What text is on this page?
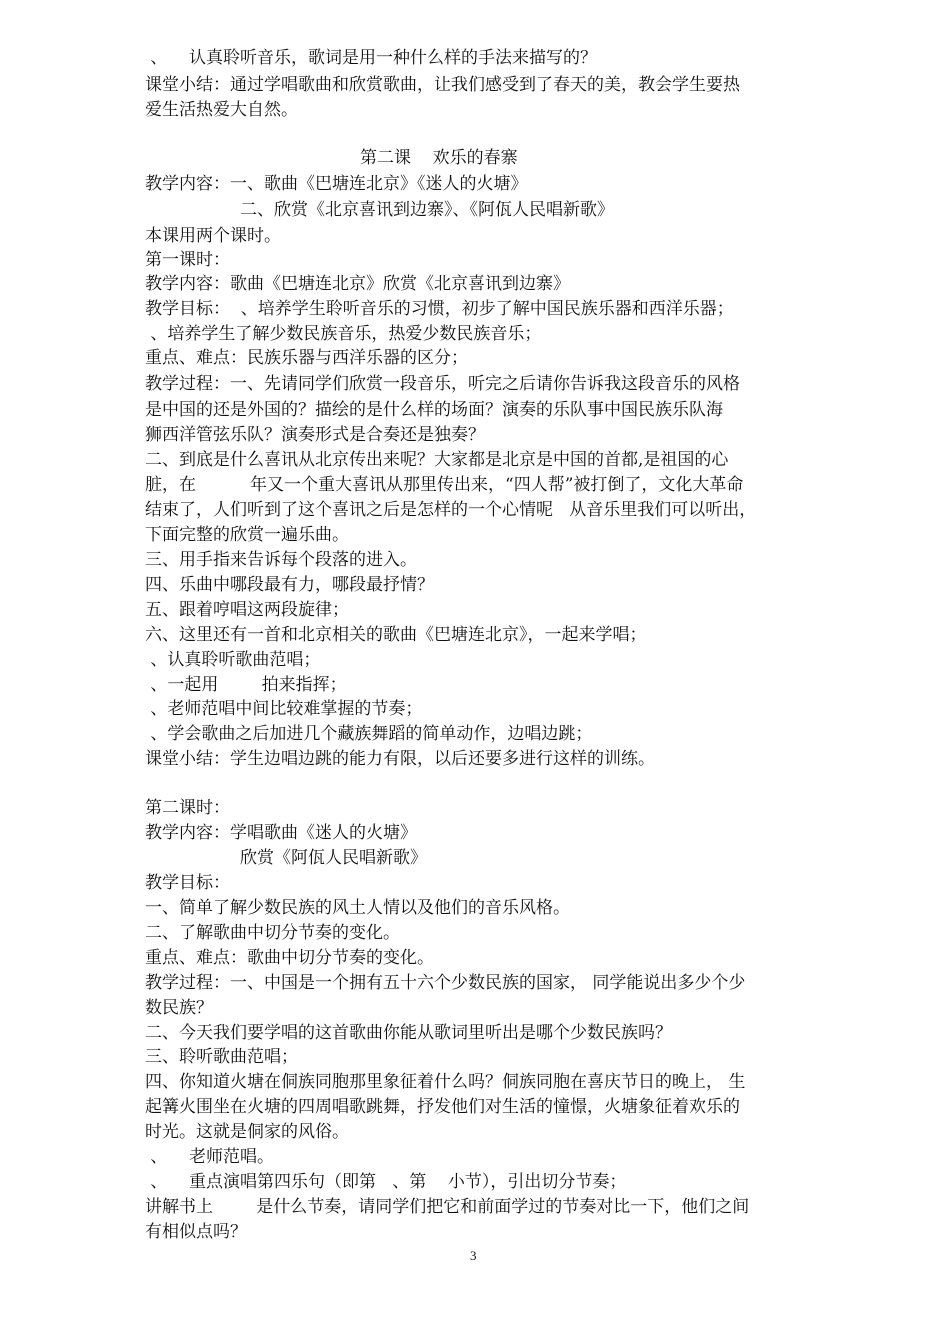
、    认真聆听音乐，歌词是用一种什么样的手法来描写的？
课堂小结：通过学唱歌曲和欣赏歌曲，让我们感受到了春天的美，教会学生要热
爱生活热爱大自然。
第二课    欢乐的春寨
教学内容：一、歌曲《巴塘连北京》《迷人的火塘》
二、欣赏《北京喜讯到边寨》、《阿佤人民唱新歌》
本课用两个课时。
第一课时：
教学内容：歌曲《巴塘连北京》欣赏《北京喜讯到边寨》
教学目标：  、培养学生聆听音乐的习惯，初步了解中国民族乐器和西洋乐器；
、培养学生了解少数民族音乐，热爱少数民族音乐；
重点、难点：民族乐器与西洋乐器的区分；
教学过程：一、先请同学们欣赏一段音乐，听完之后请你告诉我这段音乐的风格
是中国的还是外国的？描绘的是什么样的场面？演奏的乐队事中国民族乐队海
狮西洋管弦乐队？演奏形式是合奏还是独奏？
二、到底是什么喜讯从北京传出来呢？大家都是北京是中国的首都,是祖国的心
脏，在          年又一个重大喜讯从那里传出来，“四人帮”被打倒了，文化大革命
结束了，人们听到了这个喜讯之后是怎样的一个心情呢   从音乐里我们可以听出，
下面完整的欣赏一遍乐曲。
三、用手指来告诉每个段落的进入。
四、乐曲中哪段最有力，哪段最抒情？
五、跟着哼唱这两段旋律；
六、这里还有一首和北京相关的歌曲《巴塘连北京》，一起来学唱；
、认真聆听歌曲范唱；
、一起用        拍来指挥；
、老师范唱中间比较难掌握的节奏；
、学会歌曲之后加进几个藏族舞蹈的简单动作，边唱边跳；
课堂小结：学生边唱边跳的能力有限，以后还要多进行这样的训练。
第二课时：
教学内容：学唱歌曲《迷人的火塘》
欣赏《阿佤人民唱新歌》
教学目标：
一、简单了解少数民族的风土人情以及他们的音乐风格。
二、了解歌曲中切分节奏的变化。
重点、难点：歌曲中切分节奏的变化。
教学过程：一、中国是一个拥有五十六个少数民族的国家， 同学能说出多少个少
数民族？
二、今天我们要学唱的这首歌曲你能从歌词里听出是哪个少数民族吗？
三、聆听歌曲范唱；
四、你知道火塘在侗族同胞那里象征着什么吗？侗族同胞在喜庆节日的晚上， 生
起篝火围坐在火塘的四周唱歌跳舞，抒发他们对生活的憧憬，火塘象征着欢乐的
时光。这就是侗家的风俗。
、    老师范唱。
、    重点演唱第四乐句（即第   、第    小节），引出切分节奏；
讲解书上        是什么节奏，请同学们把它和前面学过的节奏对比一下，他们之间
有相似点吗？
3
